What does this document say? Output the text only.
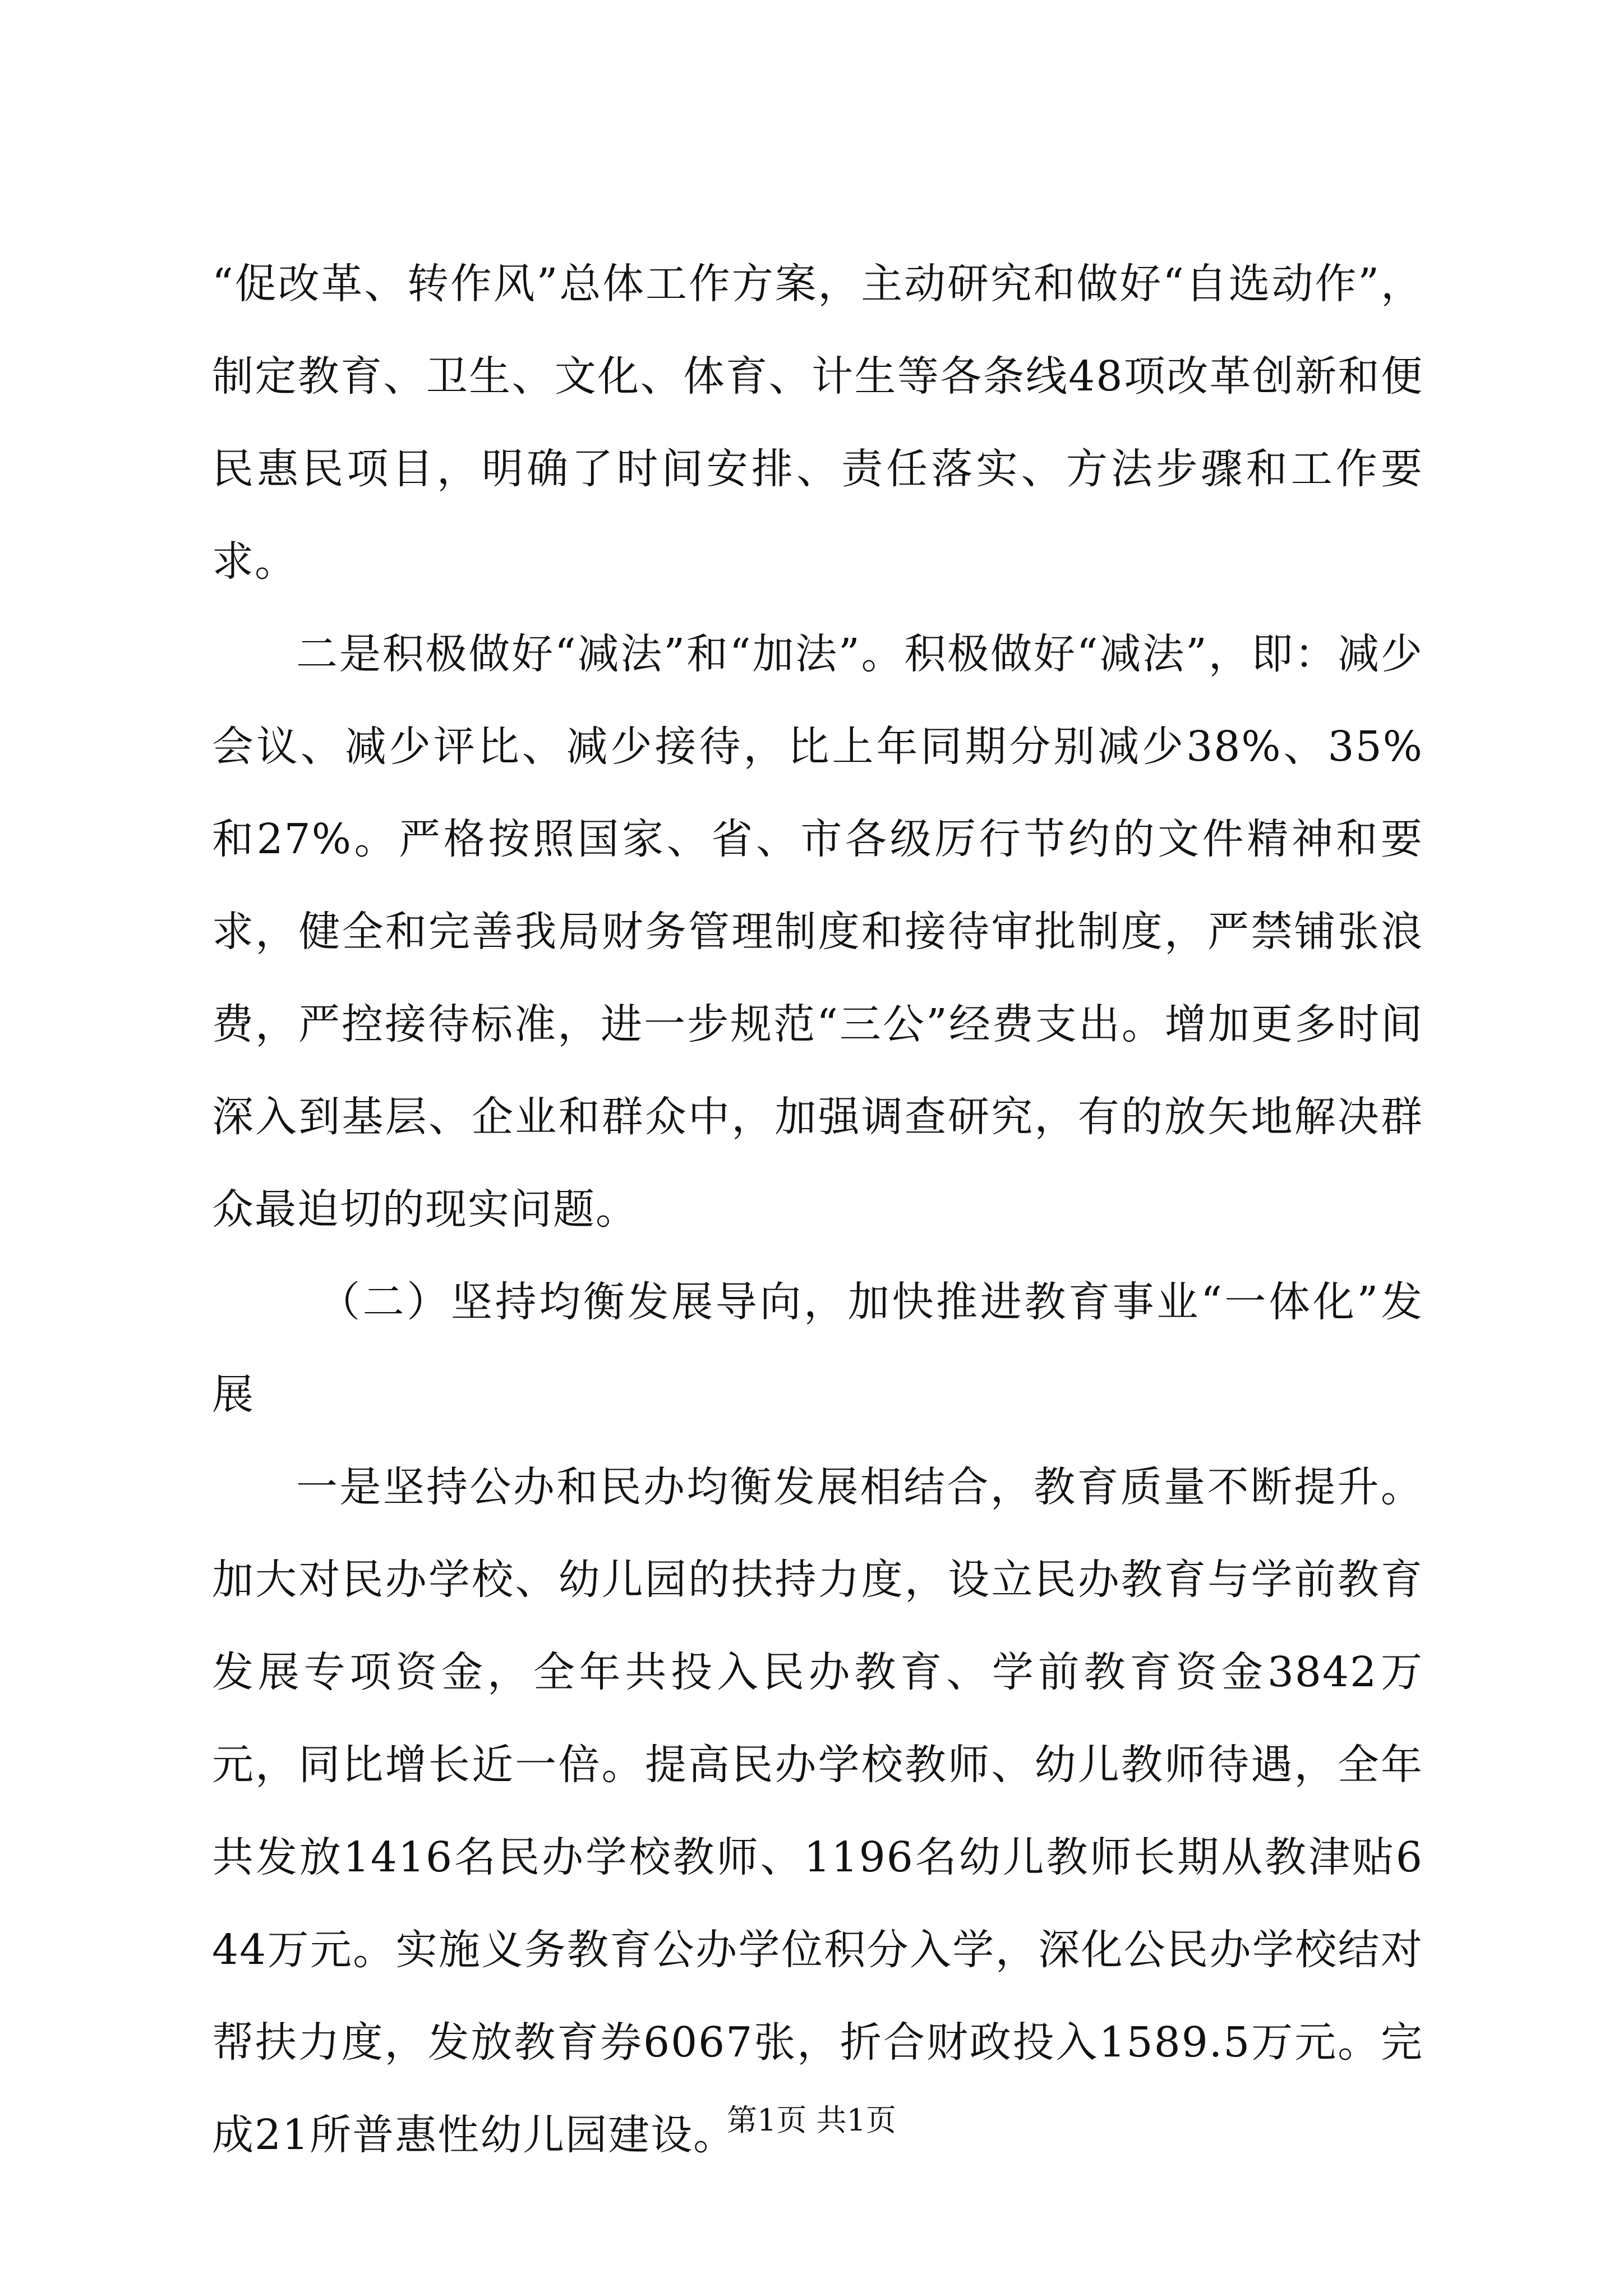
“促改革、转作风”总体工作方案，主动研究和做好“自选动作”，制定教育、卫生、文化、体育、计生等各条线48项改革创新和便民惠民项目，明确了时间安排、责任落实、方法步骤和工作要求。

二是积极做好“减法”和“加法”。积极做好“减法”，即：减少会议、减少评比、减少接待，比上年同期分别减少38%、35%和27%。严格按照国家、省、市各级厉行节约的文件精神和要求，健全和完善我局财务管理制度和接待审批制度，严禁铺张浪费，严控接待标准，进一步规范“三公”经费支出。增加更多时间深入到基层、企业和群众中，加强调查研究，有的放矢地解决群众最迫切的现实问题。

（二）坚持均衡发展导向，加快推进教育事业“一体化”发展

一是坚持公办和民办均衡发展相结合，教育质量不断提升。加大对民办学校、幼儿园的扶持力度，设立民办教育与学前教育发展专项资金，全年共投入民办教育、学前教育资金3842万元，同比增长近一倍。提高民办学校教师、幼儿教师待遇，全年共发放1416名民办学校教师、1196名幼儿教师长期从教津贴644万元。实施义务教育公办学位积分入学，深化公民办学校结对帮扶力度，发放教育券6067张，折合财政投入1589.5万元。完成21所普惠性幼儿园建设。

第1页 共1页
